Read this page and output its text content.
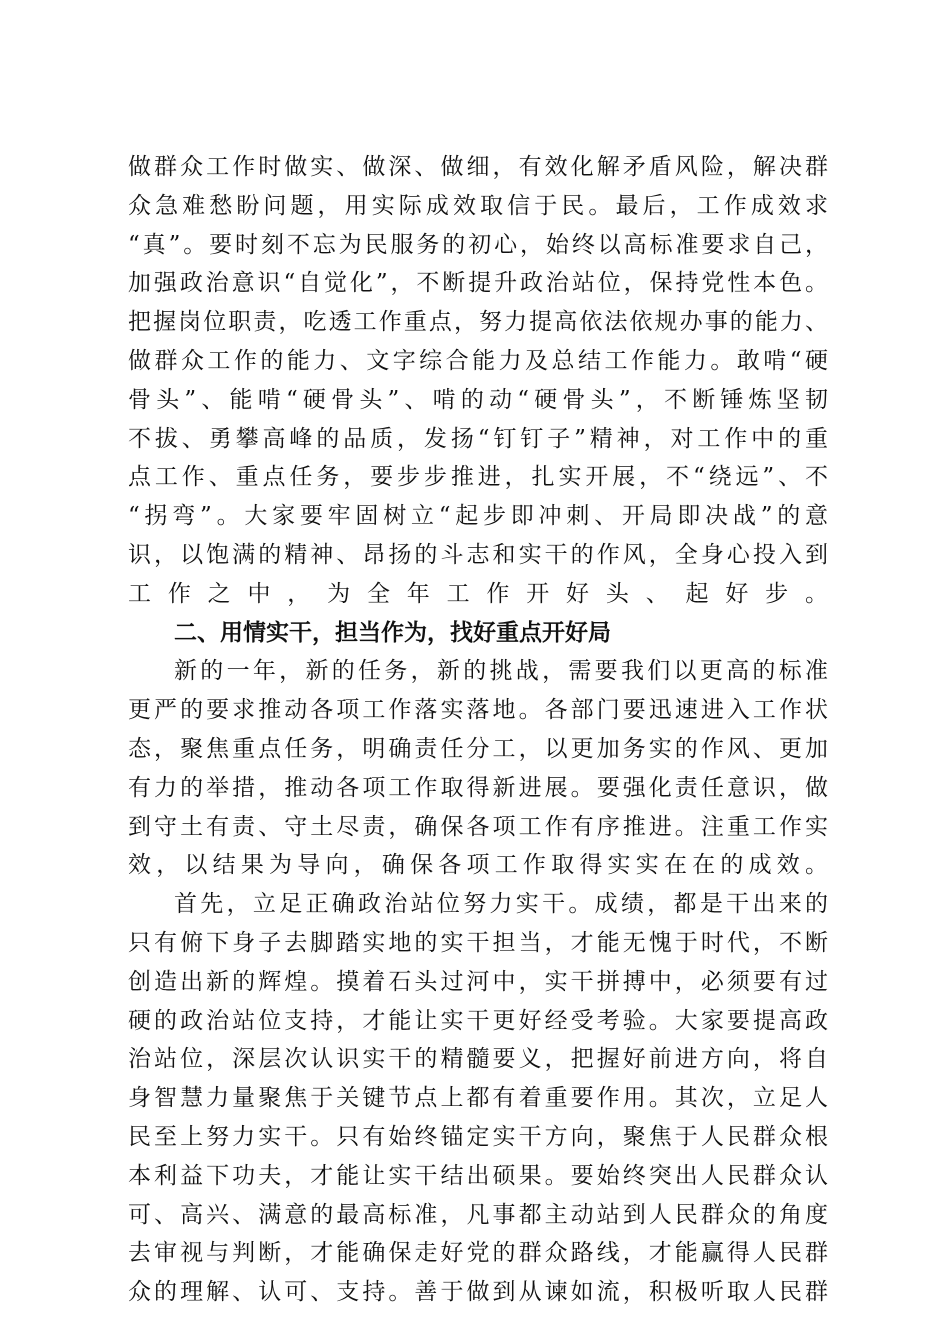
做群众工作时做实、做深、做细，有效化解矛盾风险，解决群
众急难愁盼问题，用实际成效取信于民。最后，工作成效求
“真”。要时刻不忘为民服务的初心，始终以高标准要求自己，
加强政治意识“自觉化”，不断提升政治站位，保持党性本色。
把握岗位职责，吃透工作重点，努力提高依法依规办事的能力、
做群众工作的能力、文字综合能力及总结工作能力。敢啃“硬
骨头”、能啃“硬骨头”、啃的动“硬骨头”，不断锤炼坚韧
不拔、勇攀高峰的品质，发扬“钉钉子”精神，对工作中的重
点工作、重点任务，要步步推进，扎实开展，不“绕远”、不
“拐弯”。大家要牢固树立“起步即冲刺、开局即决战”的意
识，以饱满的精神、昂扬的斗志和实干的作风，全身心投入到
工作之中，为全年工作开好头、起好步。
二、用情实干，担当作为，找好重点开好局
新的一年，新的任务，新的挑战，需要我们以更高的标准
更严的要求推动各项工作落实落地。各部门要迅速进入工作状
态，聚焦重点任务，明确责任分工，以更加务实的作风、更加
有力的举措，推动各项工作取得新进展。要强化责任意识，做
到守土有责、守土尽责，确保各项工作有序推进。注重工作实
效，以结果为导向，确保各项工作取得实实在在的成效。
首先，立足正确政治站位努力实干。成绩，都是干出来的
只有俯下身子去脚踏实地的实干担当，才能无愧于时代，不断
创造出新的辉煌。摸着石头过河中，实干拼搏中，必须要有过
硬的政治站位支持，才能让实干更好经受考验。大家要提高政
治站位，深层次认识实干的精髓要义，把握好前进方向，将自
身智慧力量聚焦于关键节点上都有着重要作用。其次，立足人
民至上努力实干。只有始终锚定实干方向，聚焦于人民群众根
本利益下功夫，才能让实干结出硕果。要始终突出人民群众认
可、高兴、满意的最高标准，凡事都主动站到人民群众的角度
去审视与判断，才能确保走好党的群众路线，才能赢得人民群
众的理解、认可、支持。善于做到从谏如流，积极听取人民群
